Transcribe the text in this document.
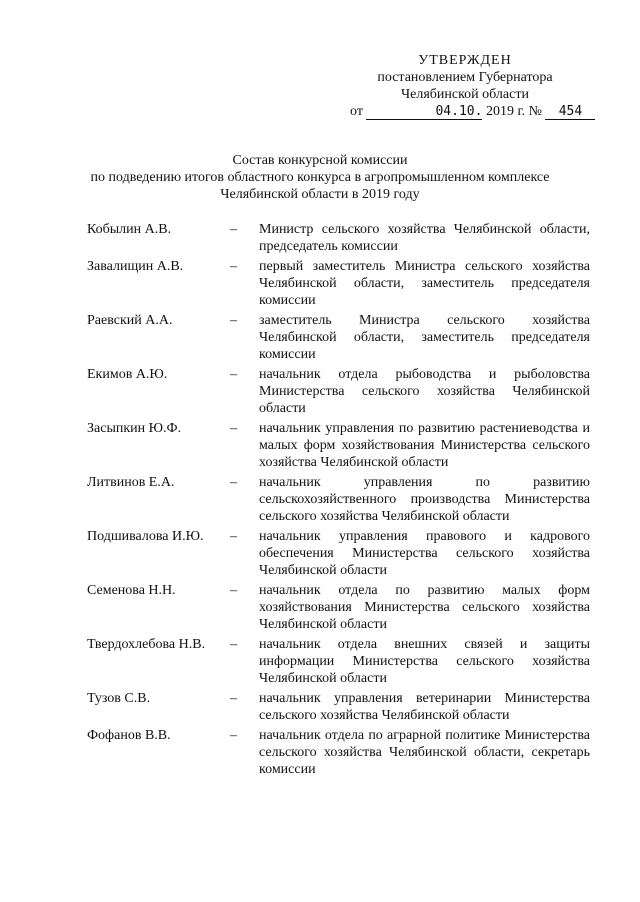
УТВЕРЖДЕН
постановлением Губернатора
Челябинской области
от	04.10. 2019 г. № 454
Состав конкурсной комиссии
по подведению итогов областного конкурса в агропромышленном комплексе
Челябинской области в 2019 году
Кобылин А.В.	–	Министр сельского хозяйства Челябинской области, председатель комиссии
Завалищин А.В.	–	первый заместитель Министра сельского хозяйства Челябинской области, заместитель председателя комиссии
Раевский А.А.	–	заместитель Министра сельского хозяйства Челябинской области, заместитель председателя комиссии
Екимов А.Ю.	–	начальник отдела рыбоводства и рыболовства Министерства сельского хозяйства Челябинской области
Засыпкин Ю.Ф.	–	начальник управления по развитию растениеводства и малых форм хозяйствования Министерства сельского хозяйства Челябинской области
Литвинов Е.А.	–	начальник управления по развитию сельскохозяйственного производства Министерства сельского хозяйства Челябинской области
Подшивалова И.Ю.	–	начальник управления правового и кадрового обеспечения Министерства сельского хозяйства Челябинской области
Семенова Н.Н.	–	начальник отдела по развитию малых форм хозяйствования Министерства сельского хозяйства Челябинской области
Твердохлебова Н.В.	–	начальник отдела внешних связей и защиты информации Министерства сельского хозяйства Челябинской области
Тузов С.В.	–	начальник управления ветеринарии Министерства сельского хозяйства Челябинской области
Фофанов В.В.	–	начальник отдела по аграрной политике Министерства сельского хозяйства Челябинской области, секретарь комиссии
